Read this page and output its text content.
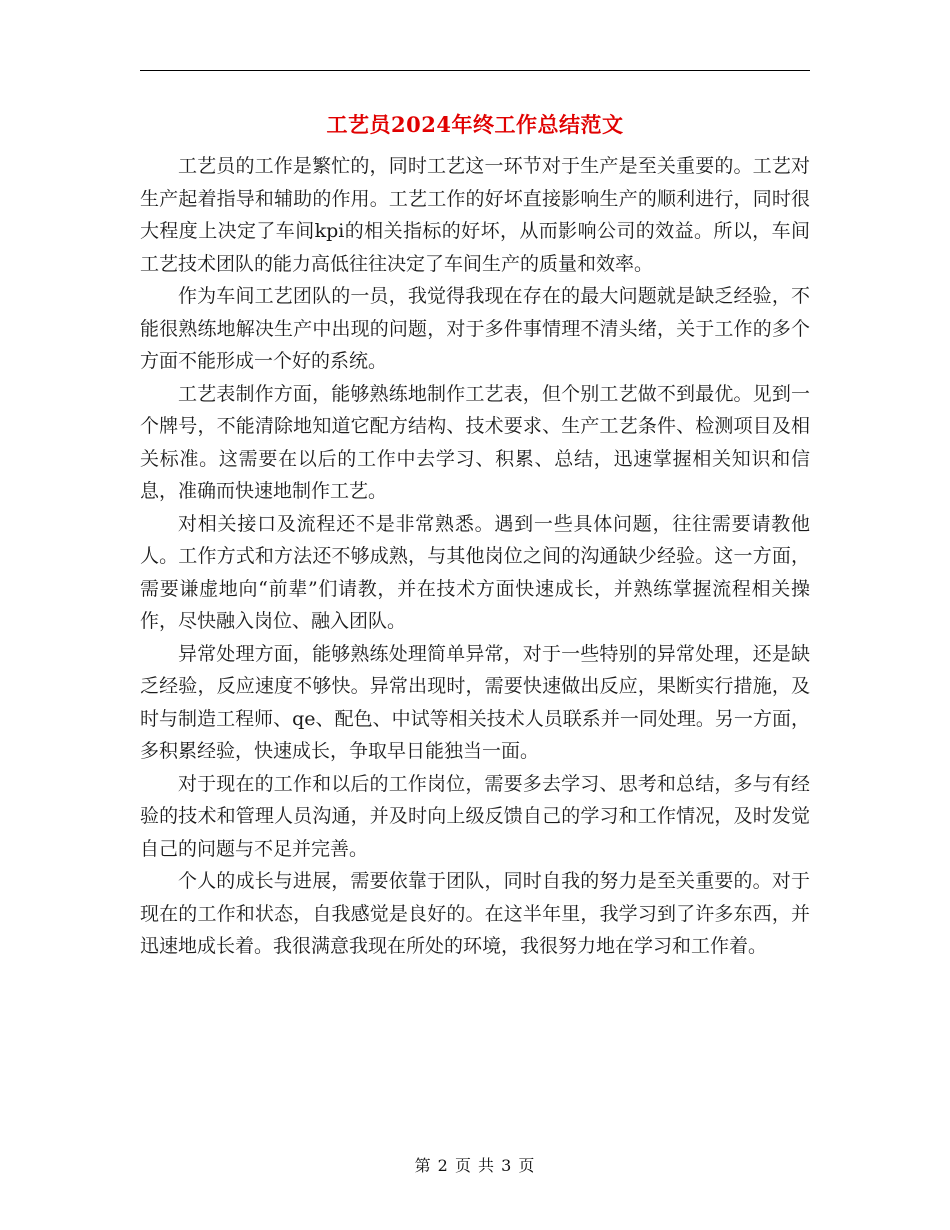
工艺员2024年终工作总结范文

工艺员的工作是繁忙的，同时工艺这一环节对于生产是至关重要的。工艺对生产起着指导和辅助的作用。工艺工作的好坏直接影响生产的顺利进行，同时很大程度上决定了车间kpi的相关指标的好坏，从而影响公司的效益。所以，车间工艺技术团队的能力高低往往决定了车间生产的质量和效率。

作为车间工艺团队的一员，我觉得我现在存在的最大问题就是缺乏经验，不能很熟练地解决生产中出现的问题，对于多件事情理不清头绪，关于工作的多个方面不能形成一个好的系统。

工艺表制作方面，能够熟练地制作工艺表，但个别工艺做不到最优。见到一个牌号，不能清除地知道它配方结构、技术要求、生产工艺条件、检测项目及相关标准。这需要在以后的工作中去学习、积累、总结，迅速掌握相关知识和信息，准确而快速地制作工艺。

对相关接口及流程还不是非常熟悉。遇到一些具体问题，往往需要请教他人。工作方式和方法还不够成熟，与其他岗位之间的沟通缺少经验。这一方面，需要谦虚地向“前辈”们请教，并在技术方面快速成长，并熟练掌握流程相关操作，尽快融入岗位、融入团队。

异常处理方面，能够熟练处理简单异常，对于一些特别的异常处理，还是缺乏经验，反应速度不够快。异常出现时，需要快速做出反应，果断实行措施，及时与制造工程师、qe、配色、中试等相关技术人员联系并一同处理。另一方面，多积累经验，快速成长，争取早日能独当一面。

对于现在的工作和以后的工作岗位，需要多去学习、思考和总结，多与有经验的技术和管理人员沟通，并及时向上级反馈自己的学习和工作情况，及时发觉自己的问题与不足并完善。

个人的成长与进展，需要依靠于团队，同时自我的努力是至关重要的。对于现在的工作和状态，自我感觉是良好的。在这半年里，我学习到了许多东西，并迅速地成长着。我很满意我现在所处的环境，我很努力地在学习和工作着。

第 2 页 共 3 页
